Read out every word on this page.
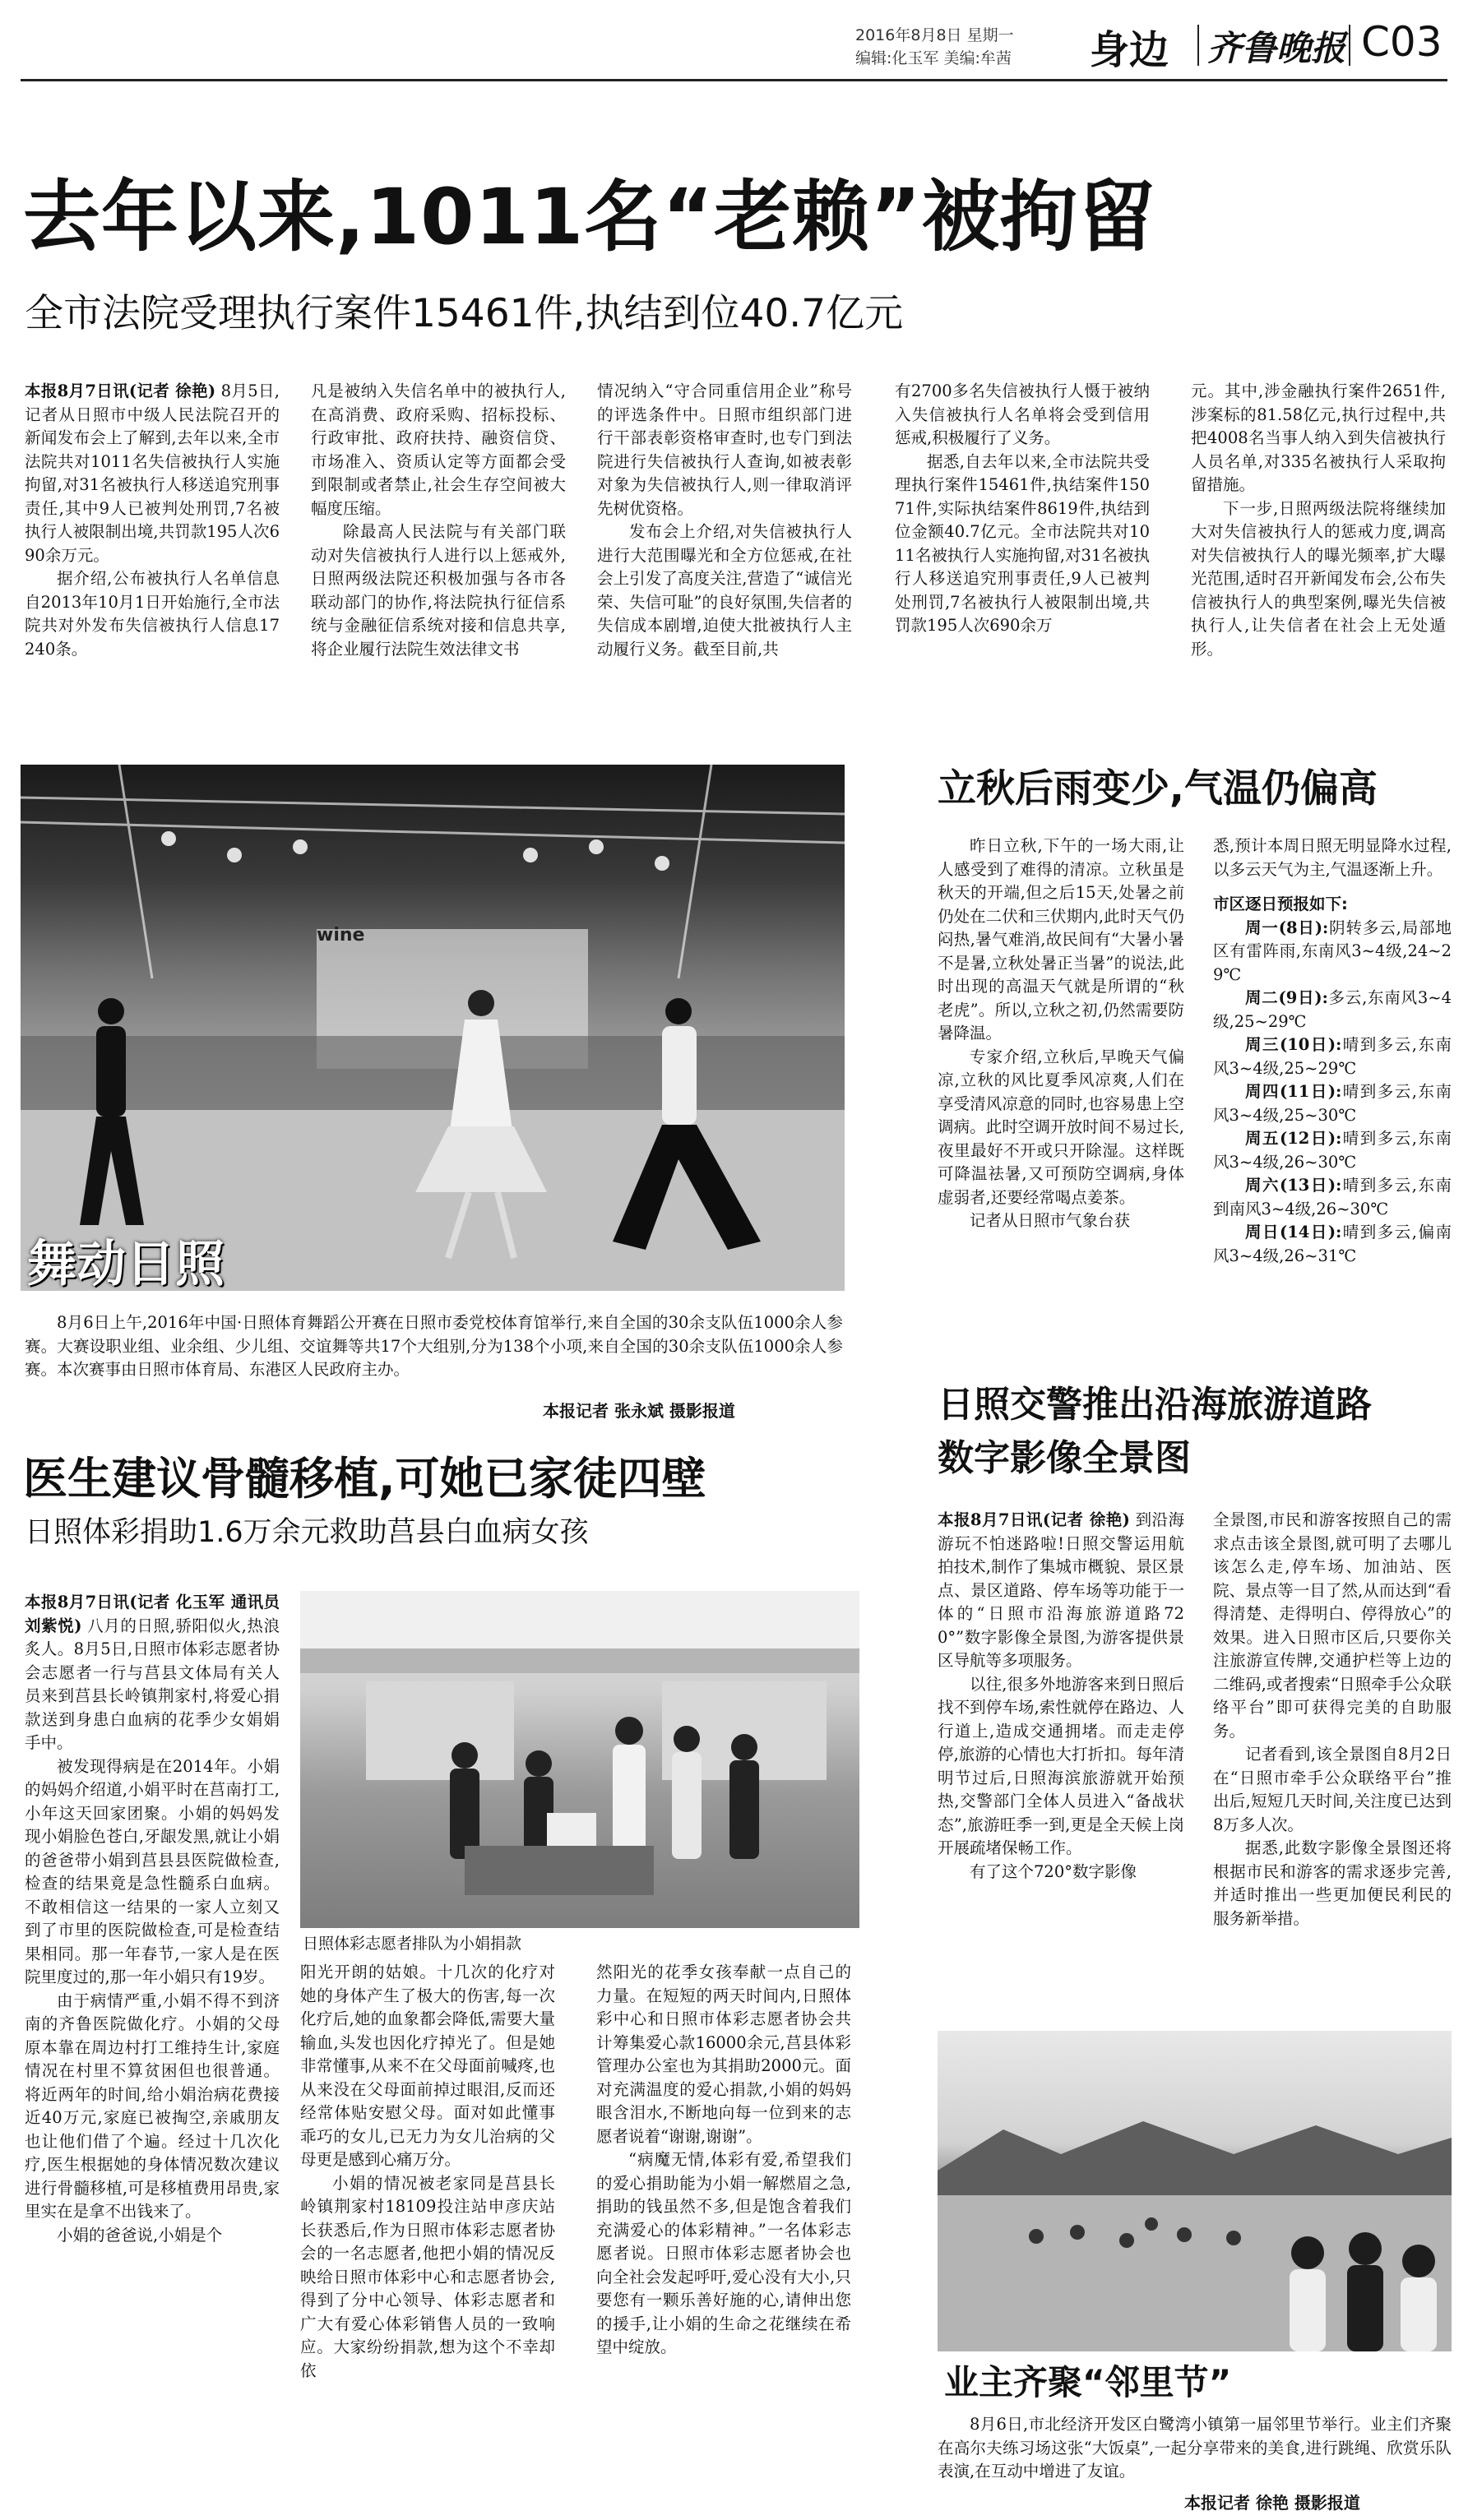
2016年8月8日 星期一
编辑:化玉军 美编:牟茜 身边 齐鲁晚报 C03
去年以来,1011名“老赖”被拘留
全市法院受理执行案件15461件,执结到位40.7亿元

本报8月7日讯(记者 徐艳) 8月5日,记者从日照市中级人民法院召开的新闻发布会上了解到,去年以来,全市法院共对1011名失信被执行人实施拘留,对31名被执行人移送追究刑事责任,其中9人已被判处刑罚,7名被执行人被限制出境,共罚款195人次690余万元。

据介绍,公布被执行人名单信息自2013年10月1日开始施行,全市法院共对外发布失信被执行人信息17240条。

凡是被纳入失信名单中的被执行人,在高消费、政府采购、招标投标、行政审批、政府扶持、融资信贷、市场准入、资质认定等方面都会受到限制或者禁止,社会生存空间被大幅度压缩。

除最高人民法院与有关部门联动对失信被执行人进行以上惩戒外,日照两级法院还积极加强与各市各联动部门的协作,将法院执行征信系统与金融征信系统对接和信息共享,将企业履行法院生效法律文书

情况纳入“守合同重信用企业”称号的评选条件中。日照市组织部门进行干部表彰资格审查时,也专门到法院进行失信被执行人查询,如被表彰对象为失信被执行人,则一律取消评先树优资格。

发布会上介绍,对失信被执行人进行大范围曝光和全方位惩戒,在社会上引发了高度关注,营造了“诚信光荣、失信可耻”的良好氛围,失信者的失信成本剧增,迫使大批被执行人主动履行义务。截至目前,共

有2700多名失信被执行人慑于被纳入失信被执行人名单将会受到信用惩戒,积极履行了义务。

据悉,自去年以来,全市法院共受理执行案件15461件,执结案件15071件,实际执结案件8619件,执结到位金额40.7亿元。全市法院共对1011名被执行人实施拘留,对31名被执行人移送追究刑事责任,9人已被判处刑罚,7名被执行人被限制出境,共罚款195人次690余万

元。其中,涉金融执行案件2651件,涉案标的81.58亿元,执行过程中,共把4008名当事人纳入到失信被执行人员名单,对335名被执行人采取拘留措施。

下一步,日照两级法院将继续加大对失信被执行人的惩戒力度,调高对失信被执行人的曝光频率,扩大曝光范围,适时召开新闻发布会,公布失信被执行人的典型案例,曝光失信被执行人,让失信者在社会上无处遁形。

wine
舞动日照

8月6日上午,2016年中国·日照体育舞蹈公开赛在日照市委党校体育馆举行,来自全国的30余支队伍1000余人参赛。大赛设职业组、业余组、少儿组、交谊舞等共17个大组别,分为138个小项,来自全国的30余支队伍1000余人参赛。本次赛事由日照市体育局、东港区人民政府主办。

本报记者 张永斌 摄影报道
立秋后雨变少,气温仍偏高

昨日立秋,下午的一场大雨,让人感受到了难得的清凉。立秋虽是秋天的开端,但之后15天,处暑之前仍处在二伏和三伏期内,此时天气仍闷热,暑气难消,故民间有“大暑小暑不是暑,立秋处暑正当暑”的说法,此时出现的高温天气就是所谓的“秋老虎”。所以,立秋之初,仍然需要防暑降温。

专家介绍,立秋后,早晚天气偏凉,立秋的风比夏季风凉爽,人们在享受清风凉意的同时,也容易患上空调病。此时空调开放时间不易过长,夜里最好不开或只开除湿。这样既可降温祛暑,又可预防空调病,身体虚弱者,还要经常喝点姜茶。

记者从日照市气象台获

悉,预计本周日照无明显降水过程,以多云天气为主,气温逐渐上升。

市区逐日预报如下:

周一(8日):阴转多云,局部地区有雷阵雨,东南风3~4级,24~29℃

周二(9日):多云,东南风3~4级,25~29℃

周三(10日):晴到多云,东南风3~4级,25~29℃

周四(11日):晴到多云,东南风3~4级,25~30℃

周五(12日):晴到多云,东南风3~4级,26~30℃

周六(13日):晴到多云,东南到南风3~4级,26~30℃

周日(14日):晴到多云,偏南风3~4级,26~31℃

日照交警推出沿海旅游道路
数字影像全景图

本报8月7日讯(记者 徐艳) 到沿海游玩不怕迷路啦!日照交警运用航拍技术,制作了集城市概貌、景区景点、景区道路、停车场等功能于一体的“日照市沿海旅游道路720°”数字影像全景图,为游客提供景区导航等多项服务。

以往,很多外地游客来到日照后找不到停车场,索性就停在路边、人行道上,造成交通拥堵。而走走停停,旅游的心情也大打折扣。每年清明节过后,日照海滨旅游就开始预热,交警部门全体人员进入“备战状态”,旅游旺季一到,更是全天候上岗开展疏堵保畅工作。

有了这个720°数字影像

全景图,市民和游客按照自己的需求点击该全景图,就可明了去哪儿该怎么走,停车场、加油站、医院、景点等一目了然,从而达到“看得清楚、走得明白、停得放心”的效果。进入日照市区后,只要你关注旅游宣传牌,交通护栏等上边的二维码,或者搜索“日照牵手公众联络平台”即可获得完美的自助服务。

记者看到,该全景图自8月2日在“日照市牵手公众联络平台”推出后,短短几天时间,关注度已达到8万多人次。

据悉,此数字影像全景图还将根据市民和游客的需求逐步完善,并适时推出一些更加便民利民的服务新举措。

医生建议骨髓移植,可她已家徒四壁
日照体彩捐助1.6万余元救助莒县白血病女孩

本报8月7日讯(记者 化玉军 通讯员 刘紫悦) 八月的日照,骄阳似火,热浪炙人。8月5日,日照市体彩志愿者协会志愿者一行与莒县文体局有关人员来到莒县长岭镇荆家村,将爱心捐款送到身患白血病的花季少女娟娟手中。

被发现得病是在2014年。小娟的妈妈介绍道,小娟平时在莒南打工,小年这天回家团聚。小娟的妈妈发现小娟脸色苍白,牙龈发黑,就让小娟的爸爸带小娟到莒县县医院做检查,检查的结果竟是急性髓系白血病。不敢相信这一结果的一家人立刻又到了市里的医院做检查,可是检查结果相同。那一年春节,一家人是在医院里度过的,那一年小娟只有19岁。

由于病情严重,小娟不得不到济南的齐鲁医院做化疗。小娟的父母原本靠在周边村打工维持生计,家庭情况在村里不算贫困但也很普通。将近两年的时间,给小娟治病花费接近40万元,家庭已被掏空,亲戚朋友也让他们借了个遍。经过十几次化疗,医生根据她的身体情况数次建议进行骨髓移植,可是移植费用昂贵,家里实在是拿不出钱来了。

小娟的爸爸说,小娟是个

日照体彩志愿者排队为小娟捐款

阳光开朗的姑娘。十几次的化疗对她的身体产生了极大的伤害,每一次化疗后,她的血象都会降低,需要大量输血,头发也因化疗掉光了。但是她非常懂事,从来不在父母面前喊疼,也从来没在父母面前掉过眼泪,反而还经常体贴安慰父母。面对如此懂事乖巧的女儿,已无力为女儿治病的父母更是感到心痛万分。

小娟的情况被老家同是莒县长岭镇荆家村18109投注站申彦庆站长获悉后,作为日照市体彩志愿者协会的一名志愿者,他把小娟的情况反映给日照市体彩中心和志愿者协会,得到了分中心领导、体彩志愿者和广大有爱心体彩销售人员的一致响应。大家纷纷捐款,想为这个不幸却依

然阳光的花季女孩奉献一点自己的力量。在短短的两天时间内,日照体彩中心和日照市体彩志愿者协会共计筹集爱心款16000余元,莒县体彩管理办公室也为其捐助2000元。面对充满温度的爱心捐款,小娟的妈妈眼含泪水,不断地向每一位到来的志愿者说着“谢谢,谢谢”。

“病魔无情,体彩有爱,希望我们的爱心捐助能为小娟一解燃眉之急,捐助的钱虽然不多,但是饱含着我们充满爱心的体彩精神。”一名体彩志愿者说。日照市体彩志愿者协会也向全社会发起呼吁,爱心没有大小,只要您有一颗乐善好施的心,请伸出您的援手,让小娟的生命之花继续在希望中绽放。

业主齐聚“邻里节”

8月6日,市北经济开发区白鹭湾小镇第一届邻里节举行。业主们齐聚在高尔夫练习场这张“大饭桌”,一起分享带来的美食,进行跳绳、欣赏乐队表演,在互动中增进了友谊。

本报记者 徐艳 摄影报道
